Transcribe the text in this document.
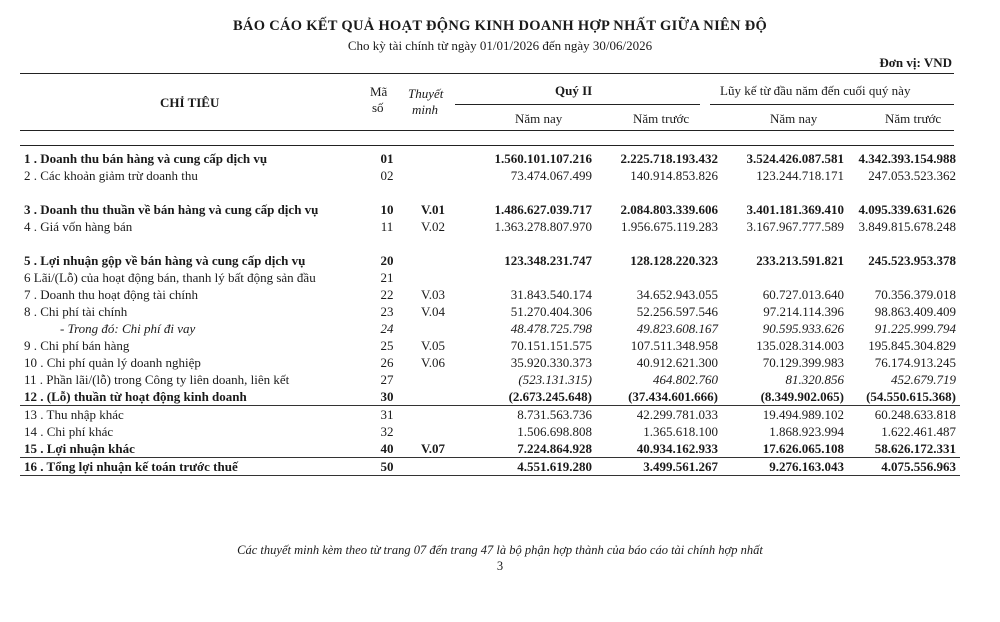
BÁO CÁO KẾT QUẢ HOẠT ĐỘNG KINH DOANH HỢP NHẤT GIỮA NIÊN ĐỘ
Cho kỳ tài chính từ ngày 01/01/2026 đến ngày 30/06/2026
Đơn vị: VND
CHỈ TIÊU
Mã
số
Thuyết
minh
Quý II	Lũy kế từ đầu năm đến cuối quý này
Năm nay	Năm trước	Năm nay	Năm trước
1 . Doanh thu bán hàng và cung cấp dịch vụ	01		1.560.101.107.216	2.225.718.193.432	3.524.426.087.581	4.342.393.154.988
2 . Các khoản giảm trừ doanh thu	02		73.474.067.499	140.914.853.826	123.244.718.171	247.053.523.362
3 . Doanh thu thuần về bán hàng và cung cấp dịch vụ	10	V.01	1.486.627.039.717	2.084.803.339.606	3.401.181.369.410	4.095.339.631.626
4 . Giá vốn hàng bán	11	V.02	1.363.278.807.970	1.956.675.119.283	3.167.967.777.589	3.849.815.678.248
5 . Lợi nhuận gộp về bán hàng và cung cấp dịch vụ	20		123.348.231.747	128.128.220.323	233.213.591.821	245.523.953.378
6 Lãi/(Lỗ) của hoạt động bán, thanh lý bất động sản đầu	21					
7 . Doanh thu hoạt động tài chính	22	V.03	31.843.540.174	34.652.943.055	60.727.013.640	70.356.379.018
8 . Chi phí tài chính	23	V.04	51.270.404.306	52.256.597.546	97.214.114.396	98.863.409.409
- Trong đó: Chi phí đi vay	24		48.478.725.798	49.823.608.167	90.595.933.626	91.225.999.794
9 . Chi phí bán hàng	25	V.05	70.151.151.575	107.511.348.958	135.028.314.003	195.845.304.829
10 . Chi phí quản lý doanh nghiệp	26	V.06	35.920.330.373	40.912.621.300	70.129.399.983	76.174.913.245
11 . Phần lãi/(lỗ) trong Công ty liên doanh, liên kết	27		(523.131.315)	464.802.760	81.320.856	452.679.719
12 . (Lỗ) thuần từ hoạt động kinh doanh	30		(2.673.245.648)	(37.434.601.666)	(8.349.902.065)	(54.550.615.368)
13 . Thu nhập khác	31		8.731.563.736	42.299.781.033	19.494.989.102	60.248.633.818
14 . Chi phí khác	32		1.506.698.808	1.365.618.100	1.868.923.994	1.622.461.487
15 . Lợi nhuận khác	40	V.07	7.224.864.928	40.934.162.933	17.626.065.108	58.626.172.331
16 . Tổng lợi nhuận kế toán trước thuế	50		4.551.619.280	3.499.561.267	9.276.163.043	4.075.556.963
Các thuyết minh kèm theo từ trang 07 đến trang 47 là bộ phận hợp thành của báo cáo tài chính hợp nhất
3
